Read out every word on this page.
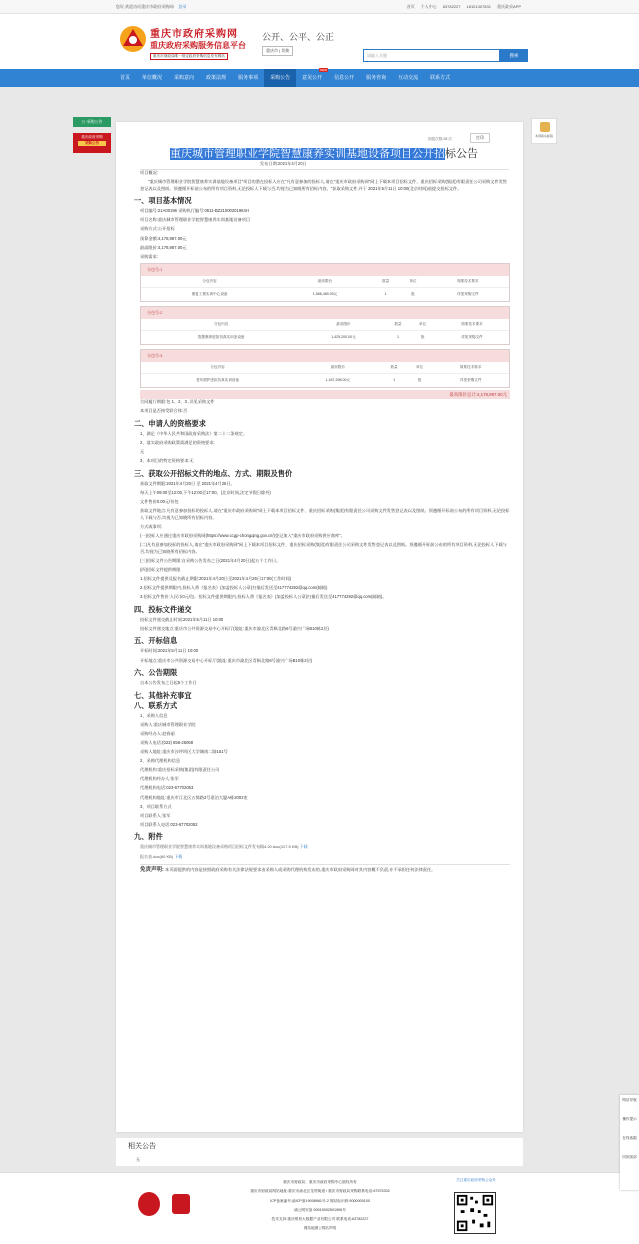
您好,欢迎访问重庆市政府采购网! 登录	首页 个人中心 63782227 18101307831 重庆政采APP
重庆市政府采购网
重庆政府采购服务信息平台
重庆市财政局唯一指定政府采购信息发布网站
公开、公平、公正
重庆市 | 切换
请输入关键	搜索
首页	单位概况	采购意向	政策法规	服务事项	采购公告	意见公开
NEW
信息公开	服务咨询	互动交流	联系方式
公·采购公告
重庆政府采购
采购公告
本网联系邮箱
浏览次数:28 次	打印
重庆城市管理职业学院智慧康养实训基地设备项目公开招标公告
发布日期:2021年4月20日
项目概况:
"重庆城市管理职业学院智慧康养实训基地设备项目"项目的潜在投标人应在"凡有意参加的投标人,请在"重庆市政府采购网"网上下载本项目招标文件、重庆招标采购(集团)有限责任公司采购文件发售登记表以及图纸。须遵循开标前公布的所有项目资料,无论投标人下载与否,均视为已知晓所有招标内容。"获取采购文件,并于 2021年5月11日 10:00(北京时间)前提交投标文件。
一、项目基本情况
项目编号:21A00196 采购执行编号:0611-BZ21000201964H
项目名称:重庆城市管理职业学院智慧康养实训基地设备项目
采购方式:公开招标
预算金额:4,178,987.00元
最高限价:4,178,987.00元
采购需求:
分包号:1
分包内容	最高限价	数量	单位	简要技术要求
康复工程实训中心设备	1,566,489.00元	1	批	详见采购文件
分包号:2
分包内容	最高限价	数量	单位	简要技术要求
智慧康养虚拟仿真实训室设备	1,425,200.00元	1	批	详见采购文件
分包号:3
分包内容	最高限价	数量	单位	简要技术要求
老年照护虚拟仿真实训设备	1,187,298.00元	1	批	详见采购文件
最高限价总计:4,178,987.00元
合同履行期限:包 1、2、3 ,详见采购文件
本项目是否接受联合体:否
二、申请人的资格要求
1、满足《中华人民共和国政府采购法》第二十二条规定。
2、落实政府采购政策需满足的资格要求:
无
3、本项目的特定资格要求:无
三、获取公开招标文件的地点、方式、期限及售价
获取文件期限:2021年4月20日 至 2021年4月26日。
每天上午09:00至12:00,下午12:00至17:00。(北京时间,法定节假日除外)
文件售价0.00元/份包
获取文件地点:凡有意参加投标的投标人,请在"重庆市政府采购网"网上下载本项目招标文件、重庆招标采购(集团)有限责任公司采购文件发售登记表以及图纸。须遵循开标前公布的所有项目资料,无论投标人下载与否,均视为已知晓所有招标内容。
方式或事项:
(一)投标人应通过重庆市政府采购网(https://www.ccgp-chongqing.gov.cn/)登记加入"重庆市政府采购供应商库"。
(二)凡有意参加投标的投标人,请在"重庆市政府采购网"网上下载本项目招标文件、重庆招标采购(集团)有限责任公司采购文件发售登记表以及图纸。须遵循开标前公布的所有项目资料,无论投标人下载与否,均视为已知晓所有招标内容。
(三)招标文件公告期限:自采购公告发布之日(2021年4月20日)起五个工作日。
(四)招标文件提供期限
1.招标文件提供及报名截止期限:2021年4月20日至2021年4月26日17:00(工作时间)
2.招标文件提供期限内,投标人将《报名表》(加盖投标人公章)扫描后发送至417774292@qq.com(邮箱)
3.招标文件售价:人民币0元/包。招标文件提供期限内,投标人将《报名表》(加盖投标人公章)扫描后发送至417774292@qq.com(邮箱)。
四、投标文件递交
投标文件递交截止时间:2021年5月11日 10:00
投标文件递交地点:重庆市公共资源交易中心开标厅(地址:重庆市渝北区青枫北路6号渝兴广场B10栋2层)
五、开标信息
开标时间:2021年5月11日 10:00
开标地点:重庆市公共资源交易中心开标厅(地址:重庆市渝北区青枫北路6号渝兴广场B10栋2层)
六、公告期限
自本公告发布之日起5个工作日
七、其他补充事宜
八、联系方式
1、采购人信息
采购人:重庆城市管理职业学院
采购经办人:赵春丽
采购人电话:(023) 656-26068
采购人地址:重庆市沙坪坝区大学城南二路151号
2、采购代理机构信息
代理机构:重庆招标采购(集团)有限责任公司
代理机构经办人:张军
代理机构电话:023-67702053
代理机构地址:重庆市江北区五简路2号嘉泊大厦A栋2002室
3、项目联系方式
项目联系人:张军
项目联系人电话:023-67702053
九、附件
重庆城市管理职业学院智慧康养实训基地设备采购项目招标文件发布稿4.20.doc(417.5 KB) 下载
报名表.doc(60 KB) 下载
免责声明: 本页面提供的内容是按照政府采购有关法律法规要求由采购人或采购代理机构发布的,重庆市政府采购网对其内容概不负责,亦不承担任何法律责任。
相关公告
无
重庆市财政局、重庆市政府采购中心版权所有
重庆市财政局网站地址:重庆市渝北区龙塔街道 / 重庆市财政局采购联系电话:67575332
ICP备案编号:渝ICP备19008961号-2 网站标识码:5000000100
渝公网安备 50019002501906号
技术支持:重庆维易大数据产业有限公司 联系电话:63782227
网站地图 | 网站声明
关注重庆政府采购公众号
网站导航
操作提示
在线客服
回到顶部
